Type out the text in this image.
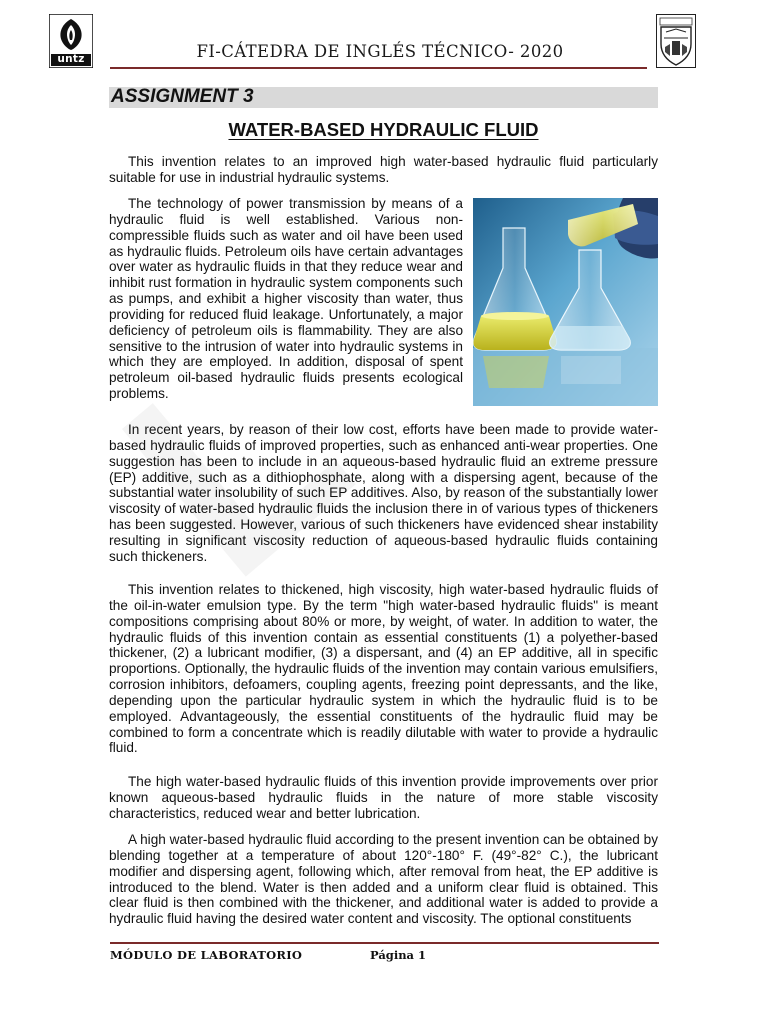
untz	FI-CÁTEDRA DE INGLÉS TÉCNICO- 2020
ASSIGNMENT 3
WATER-BASED HYDRAULIC FLUID

This invention relates to an improved high water-based hydraulic fluid particularly suitable for use in industrial hydraulic systems.

The technology of power transmission by means of a hydraulic fluid is well established. Various non-compressible fluids such as water and oil have been used as hydraulic fluids. Petroleum oils have certain advantages over water as hydraulic fluids in that they reduce wear and inhibit rust formation in hydraulic system components such as pumps, and exhibit a higher viscosity than water, thus providing for reduced fluid leakage. Unfortunately, a major deficiency of petroleum oils is flammability. They are also sensitive to the intrusion of water into hydraulic systems in which they are employed. In addition, disposal of spent petroleum oil-based hydraulic fluids presents ecological problems.

In recent years, by reason of their low cost, efforts have been made to provide water-based hydraulic fluids of improved properties, such as enhanced anti-wear properties. One suggestion has been to include in an aqueous-based hydraulic fluid an extreme pressure (EP) additive, such as a dithiophosphate, along with a dispersing agent, because of the substantial water insolubility of such EP additives. Also, by reason of the substantially lower viscosity of water-based hydraulic fluids the inclusion there in of various types of thickeners has been suggested. However, various of such thickeners have evidenced shear instability resulting in significant viscosity reduction of aqueous-based hydraulic fluids containing such thickeners.

This invention relates to thickened, high viscosity, high water-based hydraulic fluids of the oil-in-water emulsion type. By the term "high water-based hydraulic fluids" is meant compositions comprising about 80% or more, by weight, of water. In addition to water, the hydraulic fluids of this invention contain as essential constituents (1) a polyether-based thickener, (2) a lubricant modifier, (3) a dispersant, and (4) an EP additive, all in specific proportions. Optionally, the hydraulic fluids of the invention may contain various emulsifiers, corrosion inhibitors, defoamers, coupling agents, freezing point depressants, and the like, depending upon the particular hydraulic system in which the hydraulic fluid is to be employed. Advantageously, the essential constituents of the hydraulic fluid may be combined to form a concentrate which is readily dilutable with water to provide a hydraulic fluid.

The high water-based hydraulic fluids of this invention provide improvements over prior known aqueous-based hydraulic fluids in the nature of more stable viscosity characteristics, reduced wear and better lubrication.

A high water-based hydraulic fluid according to the present invention can be obtained by blending together at a temperature of about 120°-180° F. (49°-82° C.), the lubricant modifier and dispersing agent, following which, after removal from heat, the EP additive is introduced to the blend. Water is then added and a uniform clear fluid is obtained. This clear fluid is then combined with the thickener, and additional water is added to provide a hydraulic fluid having the desired water content and viscosity. The optional constituents

MÓDULO DE LABORATORIO	Página 1
